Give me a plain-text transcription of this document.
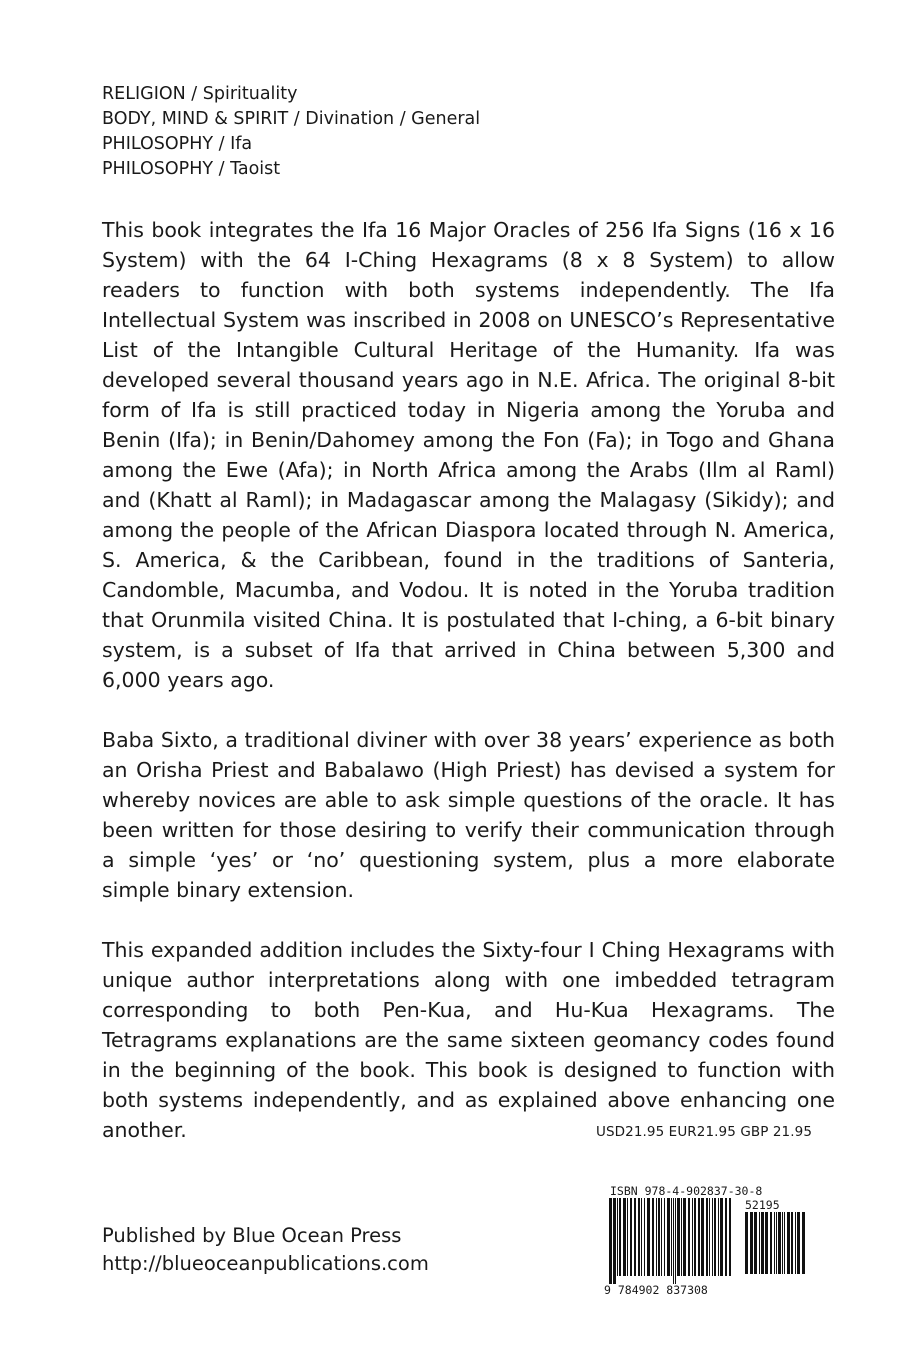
RELIGION / Spirituality
BODY, MIND & SPIRIT / Divination / General
PHILOSOPHY / Ifa
PHILOSOPHY / Taoist

This book integrates the Ifa 16 Major Oracles of 256 Ifa Signs (16 x 16 System) with the 64 I-Ching Hexagrams (8 x 8 System) to allow readers to function with both systems independently. The Ifa Intellectual System was inscribed in 2008 on UNESCO’s Representative List of the Intangible Cultural Heritage of the Humanity. Ifa was developed several thousand years ago in N.E. Africa. The original 8-bit form of Ifa is still practiced today in Nigeria among the Yoruba and Benin (Ifa); in Benin/Dahomey among the Fon (Fa); in Togo and Ghana among the Ewe (Afa); in North Africa among the Arabs (Ilm al Raml) and (Khatt al Raml); in Madagascar among the Malagasy (Sikidy); and among the people of the African Diaspora located through N. America, S. America, & the Caribbean, found in the traditions of Santeria, Candomble, Macumba, and Vodou. It is noted in the Yoruba tradition that Orunmila visited China. It is postulated that I-ching, a 6-bit binary system, is a subset of Ifa that arrived in China between 5,300 and 6,000 years ago.

Baba Sixto, a traditional diviner with over 38 years’ experience as both an Orisha Priest and Babalawo (High Priest) has devised a system for whereby novices are able to ask simple questions of the oracle. It has been written for those desiring to verify their communication through a simple ‘yes’ or ‘no’ questioning system, plus a more elaborate simple binary extension.

This expanded addition includes the Sixty-four I Ching Hexagrams with unique author interpretations along with one imbedded tetragram corresponding to both Pen-Kua, and Hu-Kua Hexagrams. The Tetragrams explanations are the same sixteen geomancy codes found in the beginning of the book. This book is designed to function with both systems independently, and as explained above enhancing one another.	USD21.95 EUR21.95 GBP 21.95
Published by Blue Ocean Press
http://blueoceanpublications.com
ISBN 978-4-902837-30-8
52195
9 784902 837308
